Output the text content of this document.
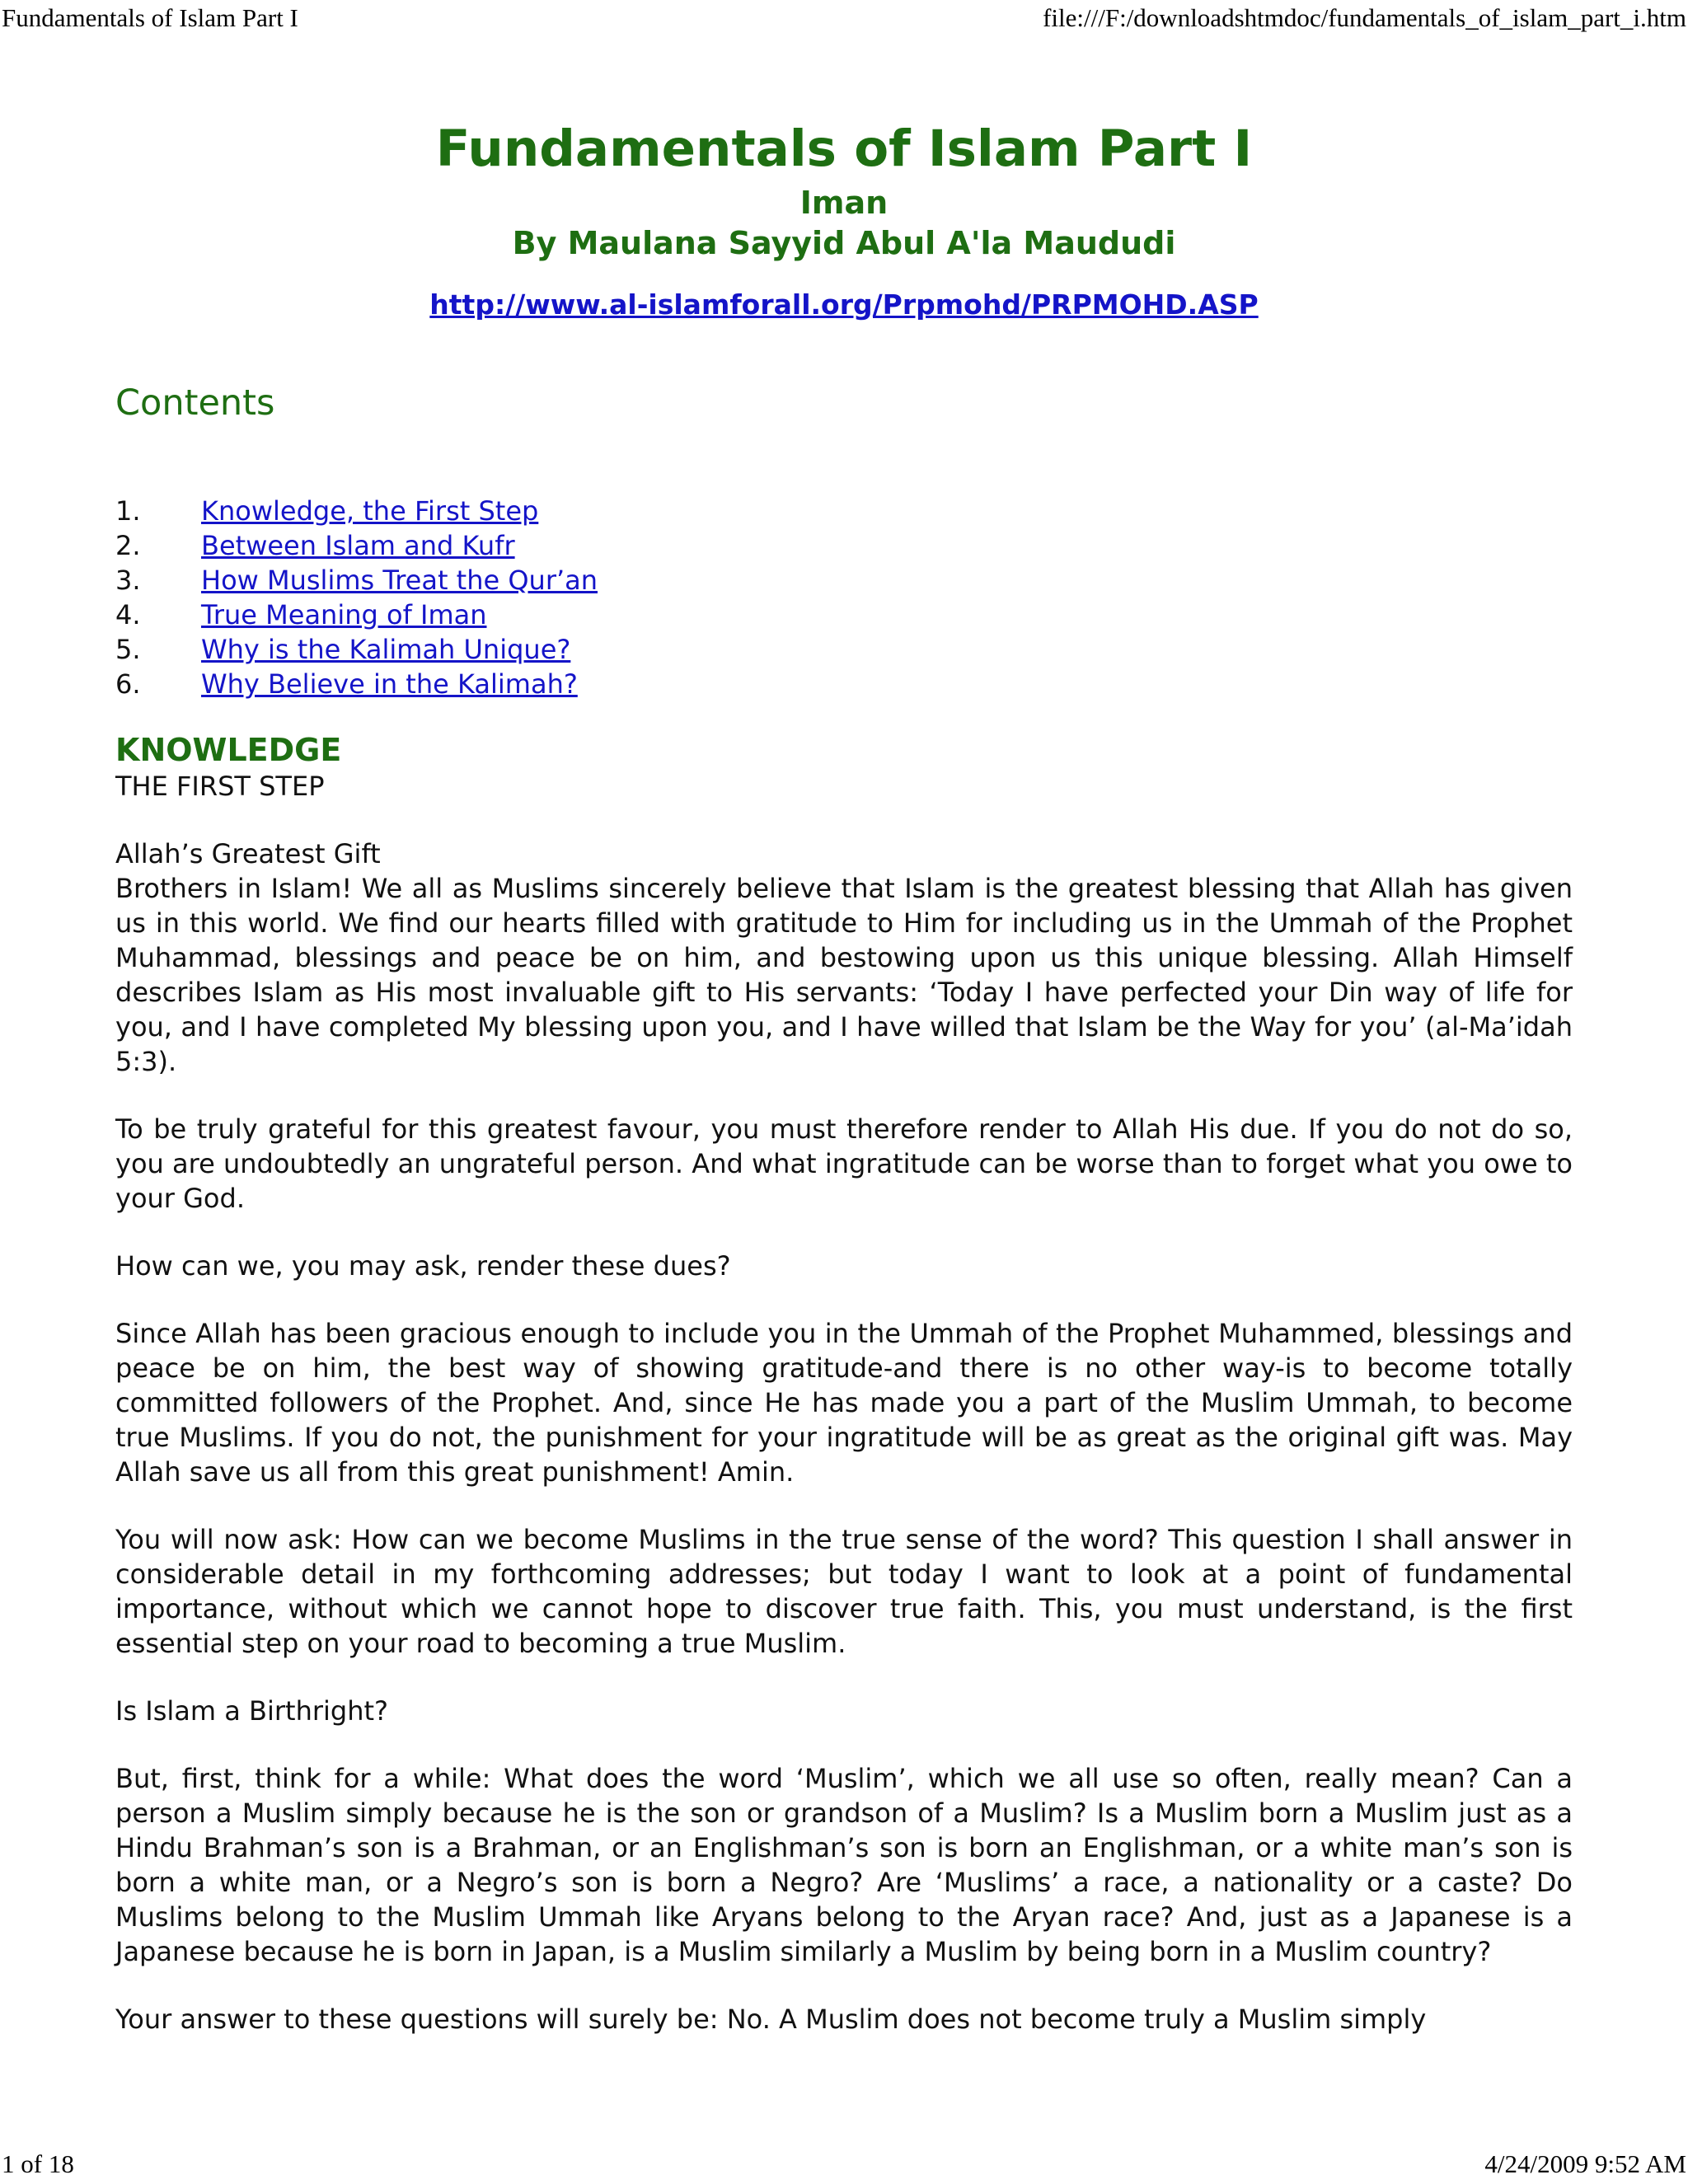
Fundamentals of Islam Part I	file:///F:/downloadshtmdoc/fundamentals_of_islam_part_i.htm
Fundamentals of Islam Part I
Iman
By Maulana Sayyid Abul A'la Maududi
http://www.al-islamforall.org/Prpmohd/PRPMOHD.ASP
Contents
1.	Knowledge, the First Step
2.	Between Islam and Kufr
3.	How Muslims Treat the Qur’an
4.	True Meaning of Iman
5.	Why is the Kalimah Unique?
6.	Why Believe in the Kalimah?
KNOWLEDGE
THE FIRST STEP

Allah’s Greatest Gift

Brothers in Islam! We all as Muslims sincerely believe that Islam is the greatest blessing that Allah has given us in this world. We find our hearts filled with gratitude to Him for including us in the Ummah of the Prophet Muhammad, blessings and peace be on him, and bestowing upon us this unique blessing. Allah Himself describes Islam as His most invaluable gift to His servants: ‘Today I have perfected your Din way of life for you, and I have completed My blessing upon you, and I have willed that Islam be the Way for you’ (al-Ma’idah 5:3).

To be truly grateful for this greatest favour, you must therefore render to Allah His due. If you do not do so, you are undoubtedly an ungrateful person. And what ingratitude can be worse than to forget what you owe to your God.

How can we, you may ask, render these dues?

Since Allah has been gracious enough to include you in the Ummah of the Prophet Muhammed, blessings and peace be on him, the best way of showing gratitude-and there is no other way-is to become totally committed followers of the Prophet. And, since He has made you a part of the Muslim Ummah, to become true Muslims. If you do not, the punishment for your ingratitude will be as great as the original gift was. May Allah save us all from this great punishment! Amin.

You will now ask: How can we become Muslims in the true sense of the word? This question I shall answer in considerable detail in my forthcoming addresses; but today I want to look at a point of fundamental importance, without which we cannot hope to discover true faith. This, you must understand, is the first essential step on your road to becoming a true Muslim.

Is Islam a Birthright?

But, first, think for a while: What does the word ‘Muslim’, which we all use so often, really mean? Can a person a Muslim simply because he is the son or grandson of a Muslim? Is a Muslim born a Muslim just as a Hindu Brahman’s son is a Brahman, or an Englishman’s son is born an Englishman, or a white man’s son is born a white man, or a Negro’s son is born a Negro? Are ‘Muslims’ a race, a nationality or a caste? Do Muslims belong to the Muslim Ummah like Aryans belong to the Aryan race? And, just as a Japanese is a Japanese because he is born in Japan, is a Muslim similarly a Muslim by being born in a Muslim country?

Your answer to these questions will surely be: No. A Muslim does not become truly a Muslim simply

1 of 18	4/24/2009 9:52 AM
